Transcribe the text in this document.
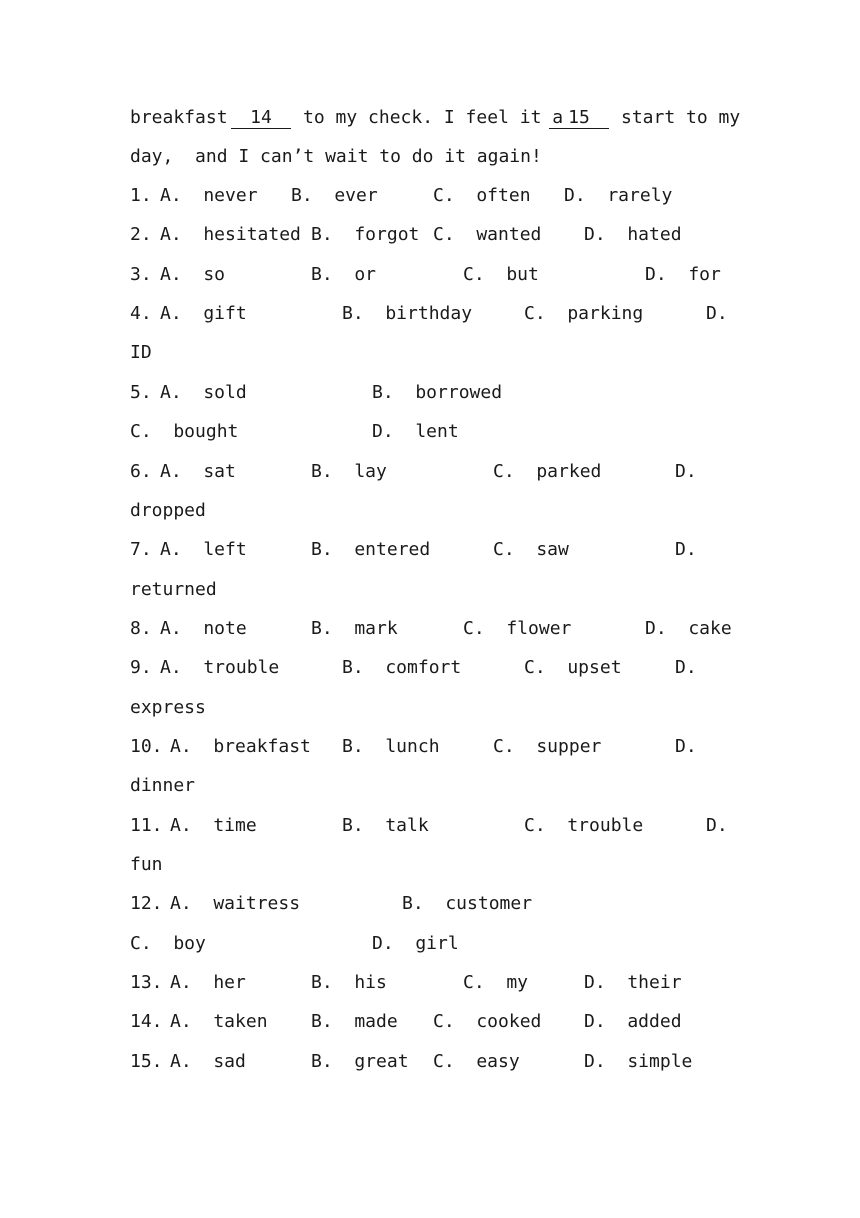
breakfast

	14

	to my check. I feel it a

15

	start to my

day,  and I can’t wait to do it again!

1.

A.  never

B.  ever

	C.  often

D.  rarely

2.

A.  hesitated

B.  forgot

C.  wanted

D.  hated

3.

A.  so

	B.  or

	C.  but

	D.  for

4.

A.  gift

	B.  birthday

	C.  parking

	D.

ID

5.

A.  sold

	B.  borrowed

C.  bought

	D.  lent

6.

A.  sat

	B.  lay

	C.  parked

	D.

dropped

7.

A.  left

	B.  entered

	C.  saw

	D.

returned

8.

A.  note

	B.  mark

	C.  flower

	D.  cake

9.

A.  trouble

	B.  comfort

	C.  upset

	D.

express

10.

A.  breakfast

B.  lunch

	C.  supper

	D.

dinner

11.

A.  time

	B.  talk

	C.  trouble

	D.

fun

12.

A.  waitress

	B.  customer

C.  boy

	D.  girl

13.

A.  her

	B.  his

	C.  my

	D.  their

14.

A.  taken

B.  made

C.  cooked

D.  added

15.

A.  sad

	B.  great

C.  easy

	D.  simple
